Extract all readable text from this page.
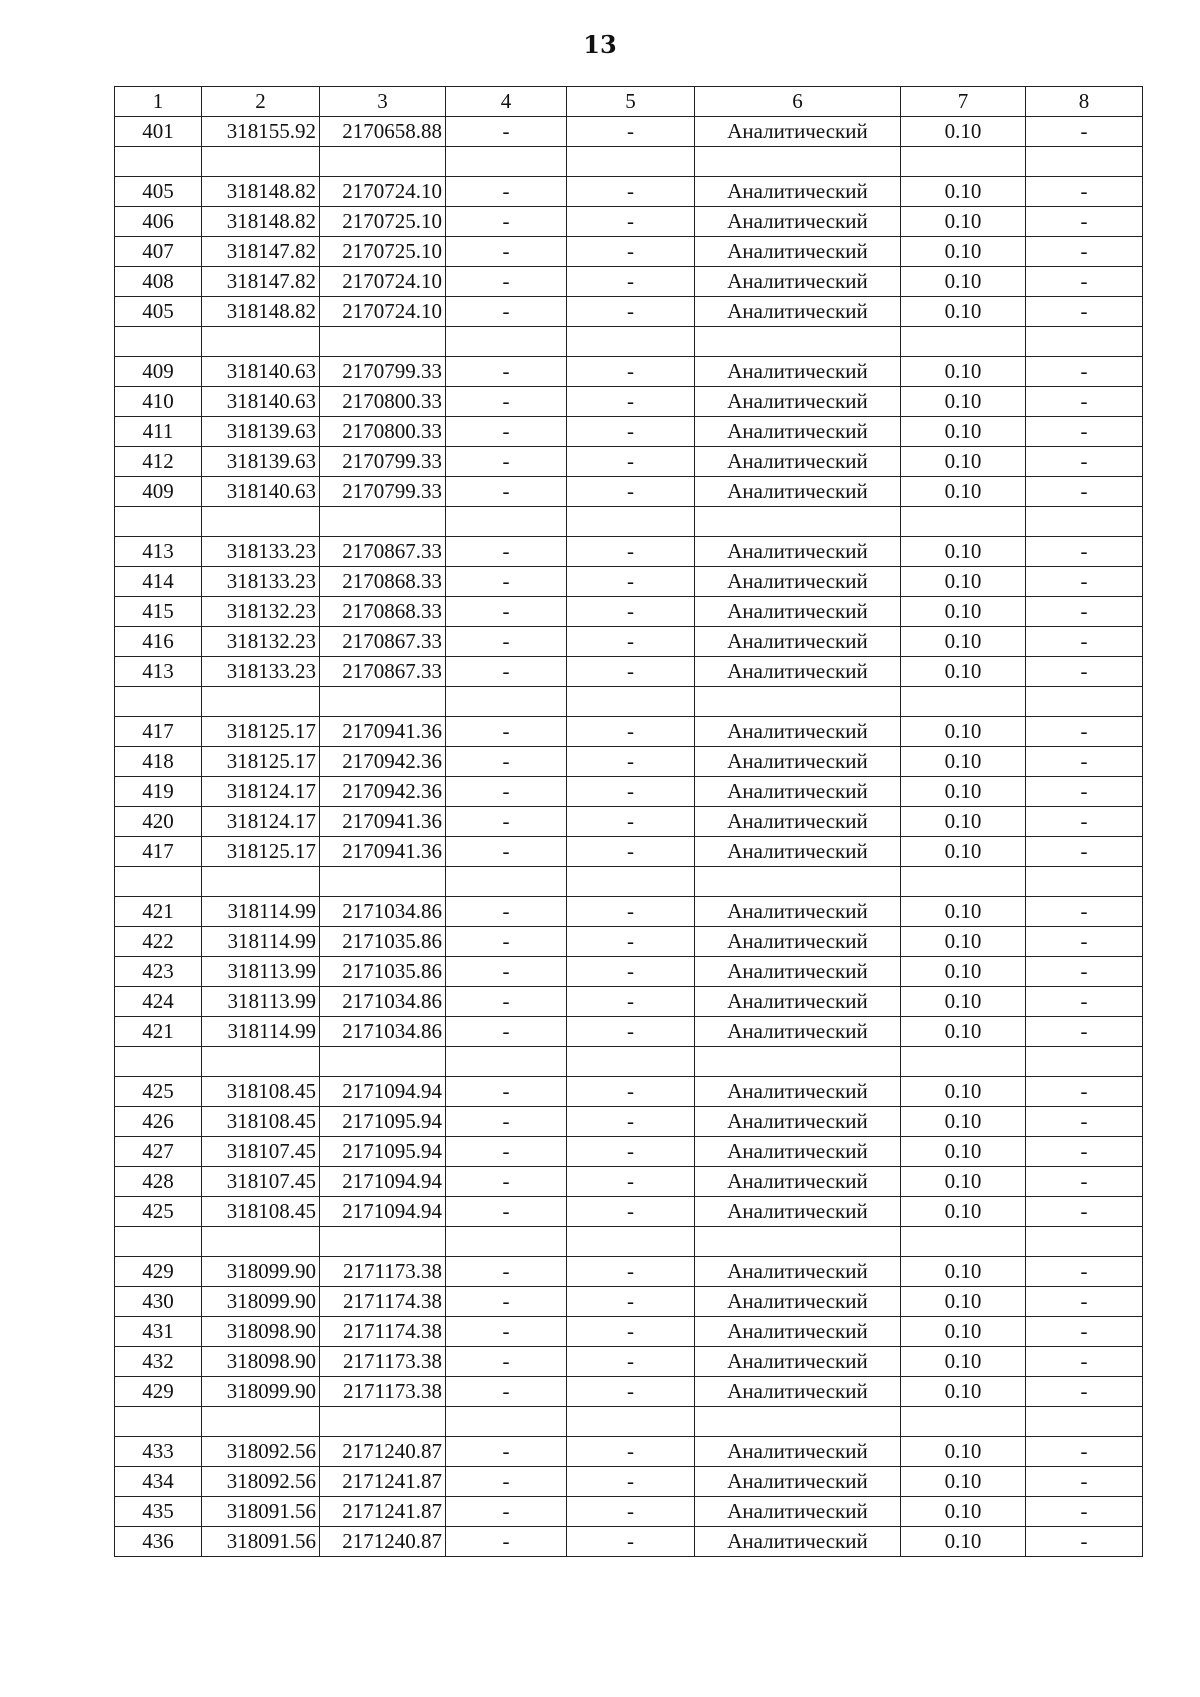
13
1	2	3	4	5	6	7	8
401	318155.92	2170658.88	-	-	Аналитический	0.10	-

405	318148.82	2170724.10	-	-	Аналитический	0.10	-
406	318148.82	2170725.10	-	-	Аналитический	0.10	-
407	318147.82	2170725.10	-	-	Аналитический	0.10	-
408	318147.82	2170724.10	-	-	Аналитический	0.10	-
405	318148.82	2170724.10	-	-	Аналитический	0.10	-

409	318140.63	2170799.33	-	-	Аналитический	0.10	-
410	318140.63	2170800.33	-	-	Аналитический	0.10	-
411	318139.63	2170800.33	-	-	Аналитический	0.10	-
412	318139.63	2170799.33	-	-	Аналитический	0.10	-
409	318140.63	2170799.33	-	-	Аналитический	0.10	-

413	318133.23	2170867.33	-	-	Аналитический	0.10	-
414	318133.23	2170868.33	-	-	Аналитический	0.10	-
415	318132.23	2170868.33	-	-	Аналитический	0.10	-
416	318132.23	2170867.33	-	-	Аналитический	0.10	-
413	318133.23	2170867.33	-	-	Аналитический	0.10	-

417	318125.17	2170941.36	-	-	Аналитический	0.10	-
418	318125.17	2170942.36	-	-	Аналитический	0.10	-
419	318124.17	2170942.36	-	-	Аналитический	0.10	-
420	318124.17	2170941.36	-	-	Аналитический	0.10	-
417	318125.17	2170941.36	-	-	Аналитический	0.10	-

421	318114.99	2171034.86	-	-	Аналитический	0.10	-
422	318114.99	2171035.86	-	-	Аналитический	0.10	-
423	318113.99	2171035.86	-	-	Аналитический	0.10	-
424	318113.99	2171034.86	-	-	Аналитический	0.10	-
421	318114.99	2171034.86	-	-	Аналитический	0.10	-

425	318108.45	2171094.94	-	-	Аналитический	0.10	-
426	318108.45	2171095.94	-	-	Аналитический	0.10	-
427	318107.45	2171095.94	-	-	Аналитический	0.10	-
428	318107.45	2171094.94	-	-	Аналитический	0.10	-
425	318108.45	2171094.94	-	-	Аналитический	0.10	-

429	318099.90	2171173.38	-	-	Аналитический	0.10	-
430	318099.90	2171174.38	-	-	Аналитический	0.10	-
431	318098.90	2171174.38	-	-	Аналитический	0.10	-
432	318098.90	2171173.38	-	-	Аналитический	0.10	-
429	318099.90	2171173.38	-	-	Аналитический	0.10	-

433	318092.56	2171240.87	-	-	Аналитический	0.10	-
434	318092.56	2171241.87	-	-	Аналитический	0.10	-
435	318091.56	2171241.87	-	-	Аналитический	0.10	-
436	318091.56	2171240.87	-	-	Аналитический	0.10	-
